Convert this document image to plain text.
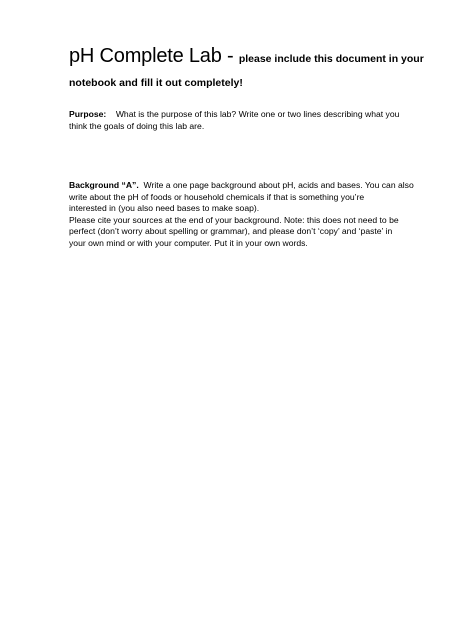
pH Complete Lab - please include this document in your
notebook and fill it out completely!
Purpose: What is the purpose of this lab? Write one or two lines describing what you
think the goals of doing this lab are.
Background “A”. Write a one page background about pH, acids and bases. You can also
write about the pH of foods or household chemicals if that is something you’re
interested in (you also need bases to make soap).
Please cite your sources at the end of your background. Note: this does not need to be
perfect (don’t worry about spelling or grammar), and please don’t ‘copy’ and ‘paste’ in
your own mind or with your computer. Put it in your own words.
